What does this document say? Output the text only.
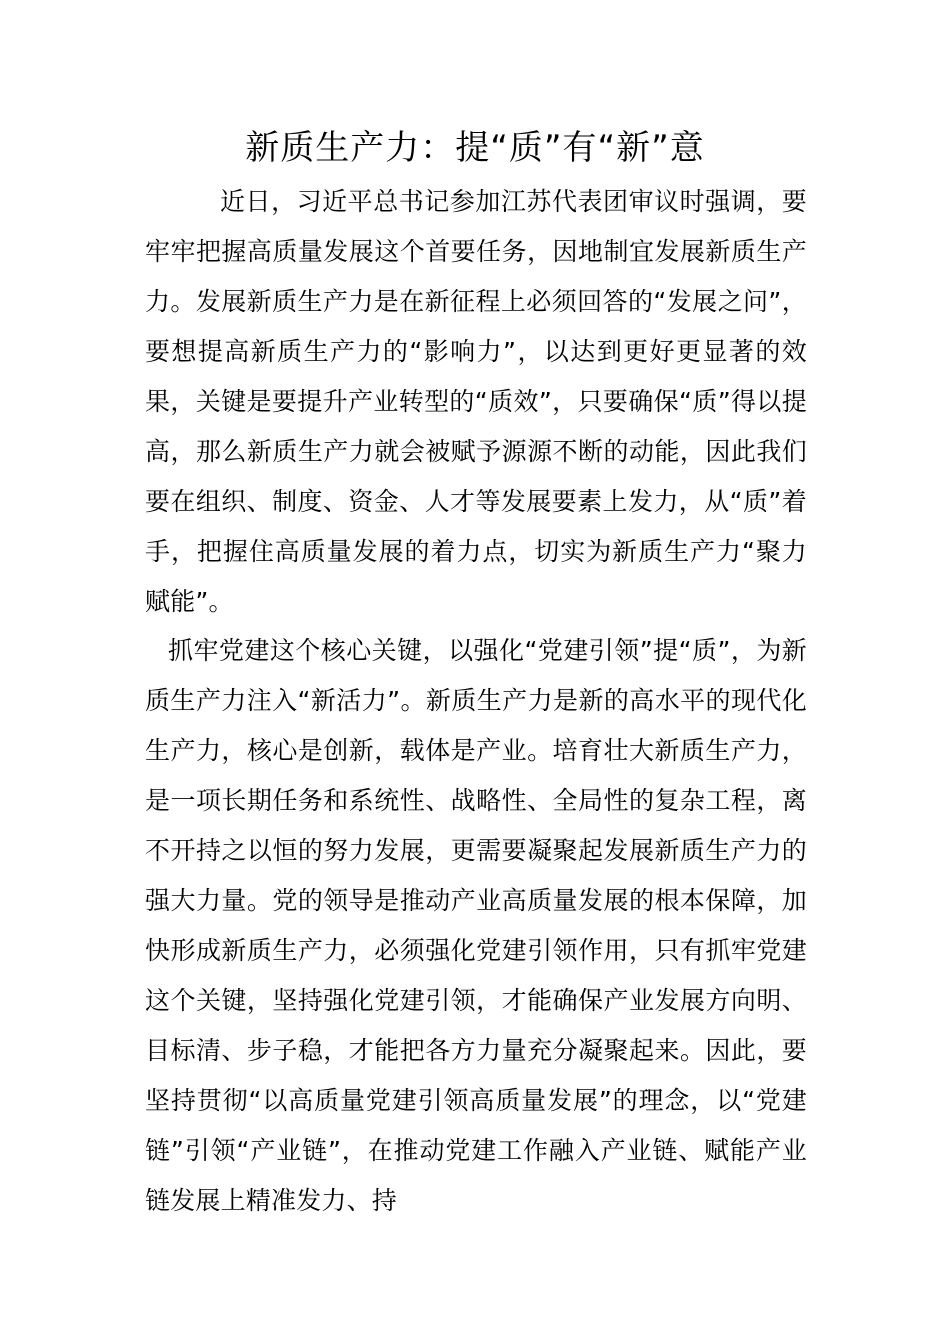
新质生产力：提“质”有“新”意

近日，习近平总书记参加江苏代表团审议时强调，要牢牢把握高质量发展这个首要任务，因地制宜发展新质生产力。发展新质生产力是在新征程上必须回答的“发展之问”，要想提高新质生产力的“影响力”，以达到更好更显著的效果，关键是要提升产业转型的“质效”，只要确保“质”得以提高，那么新质生产力就会被赋予源源不断的动能，因此我们要在组织、制度、资金、人才等发展要素上发力，从“质”着手，把握住高质量发展的着力点，切实为新质生产力“聚力赋能”。

抓牢党建这个核心关键，以强化“党建引领”提“质”，为新质生产力注入“新活力”。新质生产力是新的高水平的现代化生产力，核心是创新，载体是产业。培育壮大新质生产力，是一项长期任务和系统性、战略性、全局性的复杂工程，离不开持之以恒的努力发展，更需要凝聚起发展新质生产力的强大力量。党的领导是推动产业高质量发展的根本保障，加快形成新质生产力，必须强化党建引领作用，只有抓牢党建这个关键，坚持强化党建引领，才能确保产业发展方向明、目标清、步子稳，才能把各方力量充分凝聚起来。因此，要坚持贯彻“以高质量党建引领高质量发展”的理念，以“党建链”引领“产业链”，在推动党建工作融入产业链、赋能产业链发展上精准发力、持
